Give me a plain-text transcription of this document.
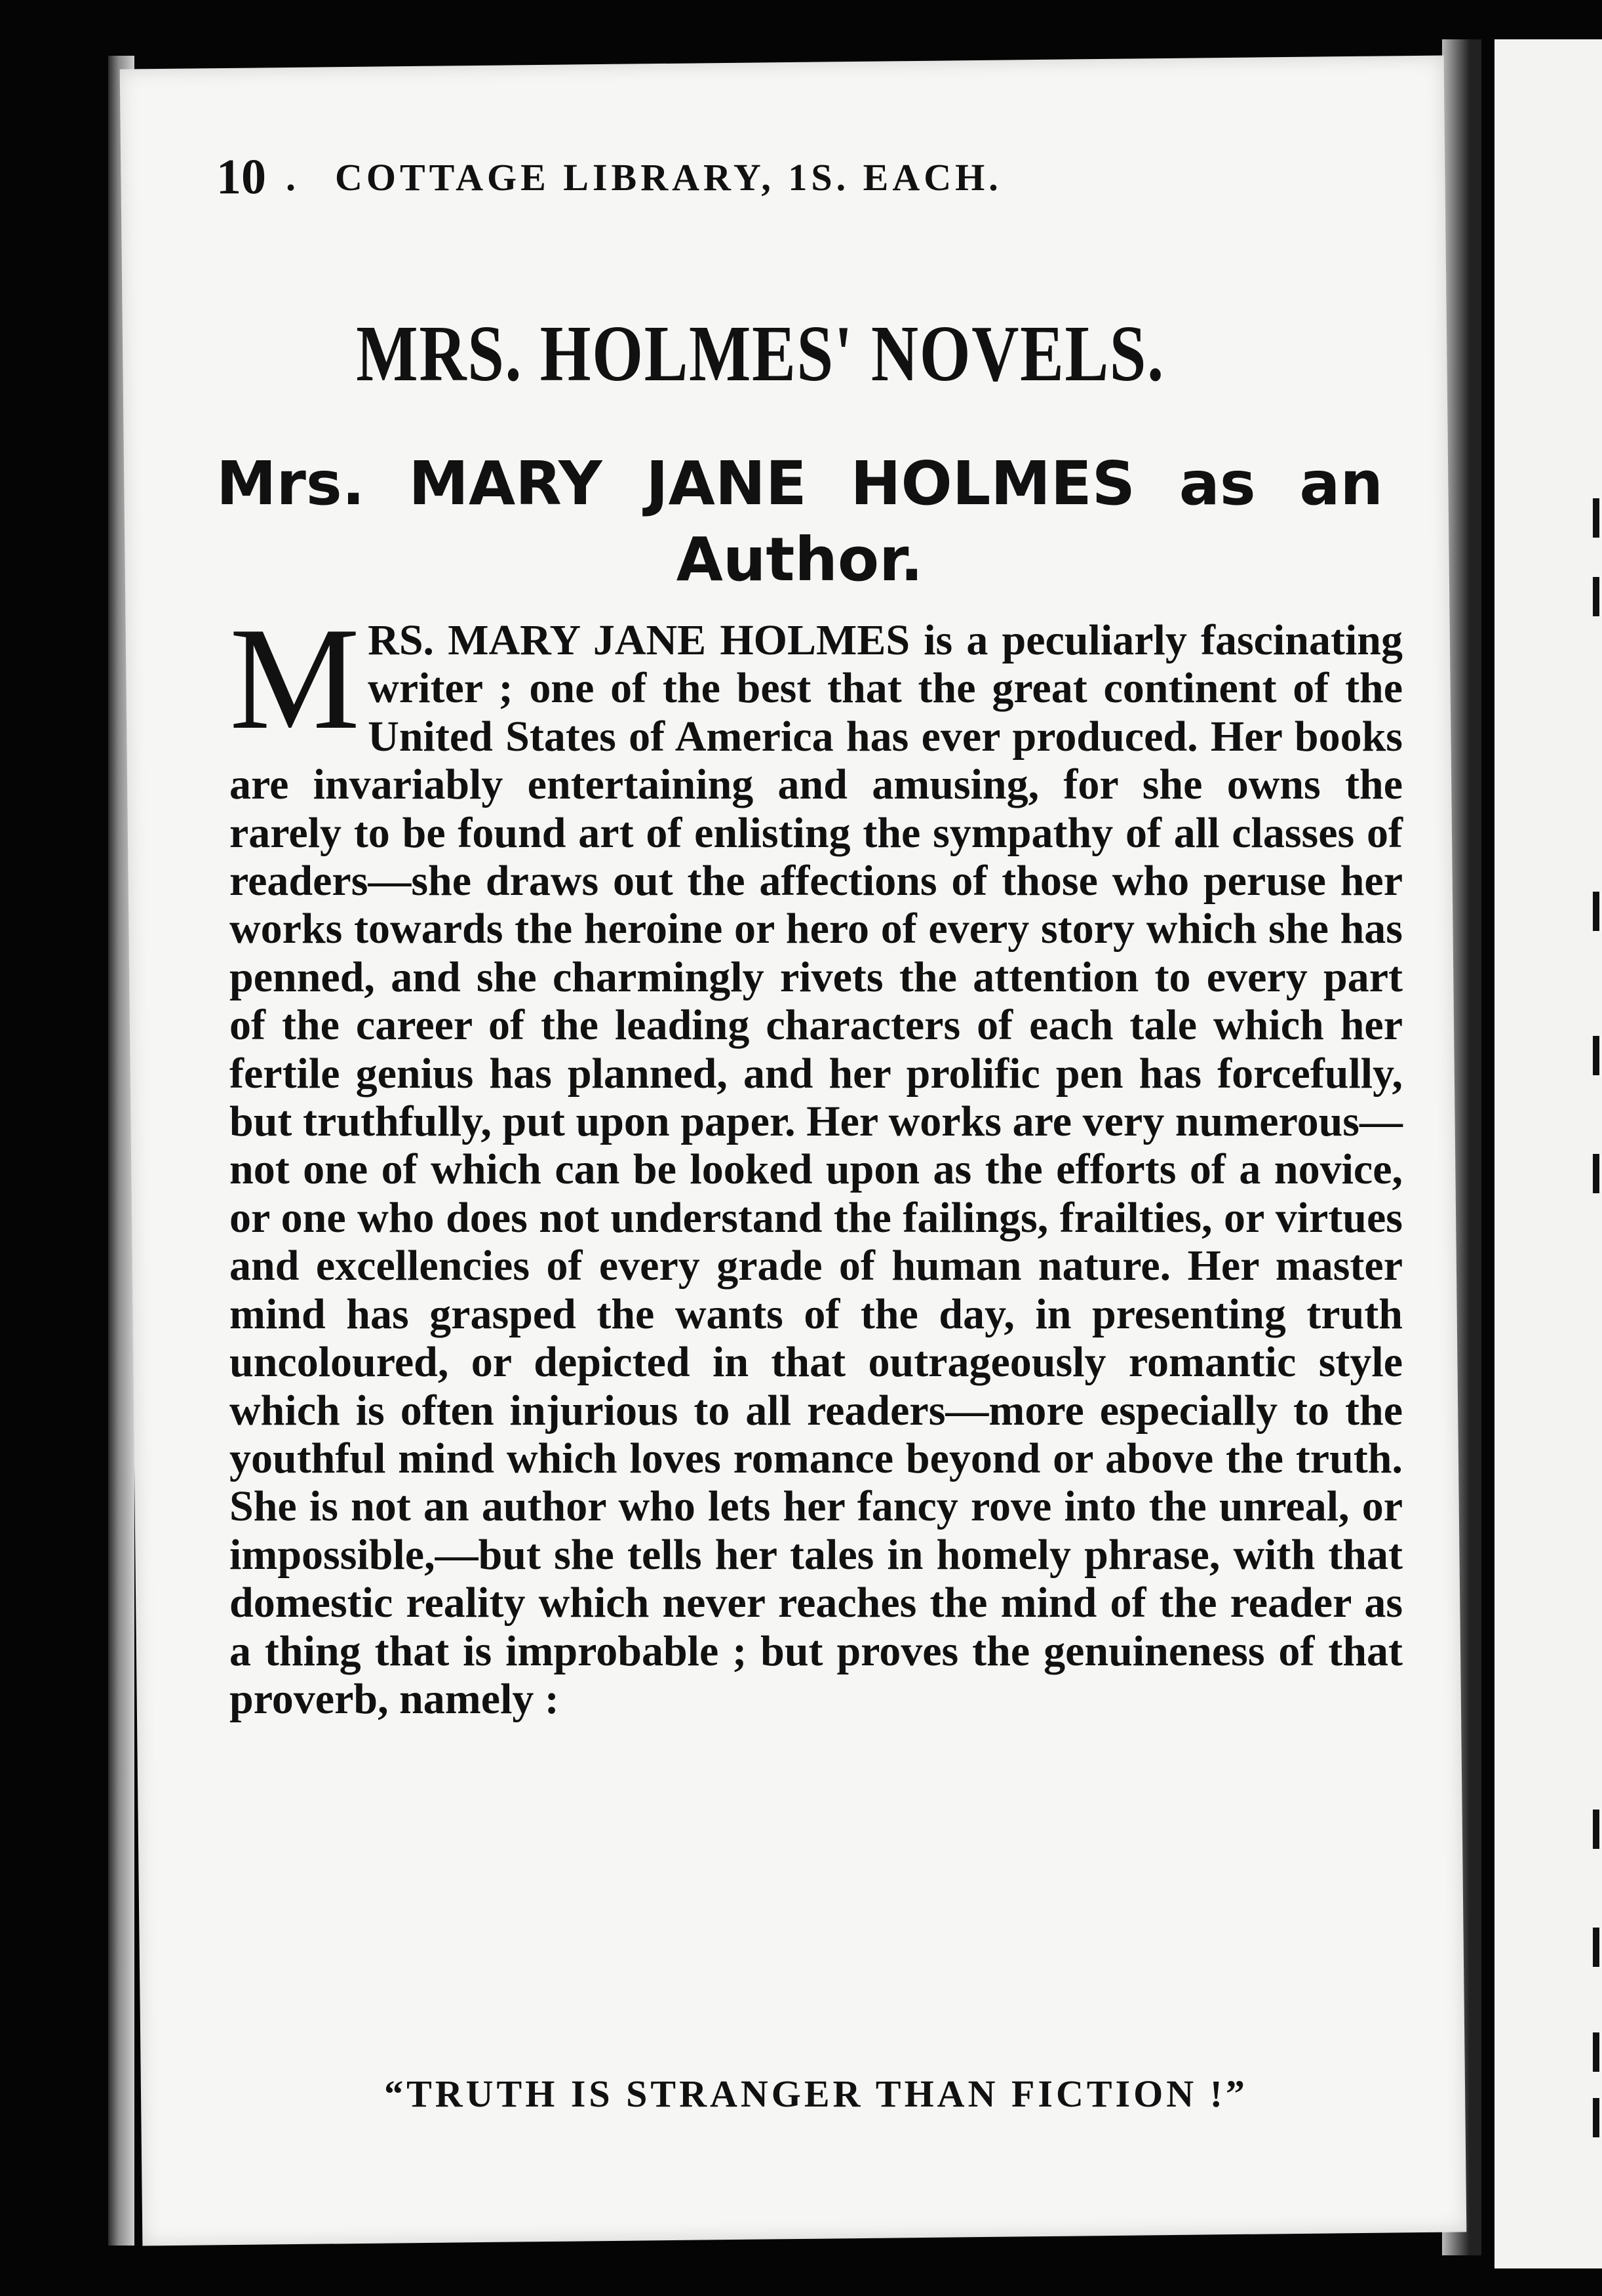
10 . COTTAGE LIBRARY, 1S. EACH.
MRS. HOLMES' NOVELS.
Mrs. MARY JANE HOLMES as an
Author.
M RS. MARY JANE HOLMES is a peculiarly fascinating writer ; one of the best that the great continent of the United States of America has ever produced. Her books are invariably entertaining and amusing, for she owns the rarely to be found art of enlisting the sympathy of all classes of readers—she draws out the affections of those who peruse her works towards the heroine or hero of every story which she has penned, and she charmingly rivets the attention to every part of the career of the leading characters of each tale which her fertile genius has planned, and her prolific pen has forcefully, but truthfully, put upon paper. Her works are very numerous—not one of which can be looked upon as the efforts of a novice, or one who does not understand the failings, frailties, or virtues and excellencies of every grade of human nature. Her master mind has grasped the wants of the day, in presenting truth uncoloured, or depicted in that outrageously romantic style which is often injurious to all readers—more especially to the youthful mind which loves romance beyond or above the truth. She is not an author who lets her fancy rove into the unreal, or impossible,—but she tells her tales in homely phrase, with that domestic reality which never reaches the mind of the reader as a thing that is improbable ; but proves the genuineness of that proverb, namely :
“TRUTH IS STRANGER THAN FICTION !”
